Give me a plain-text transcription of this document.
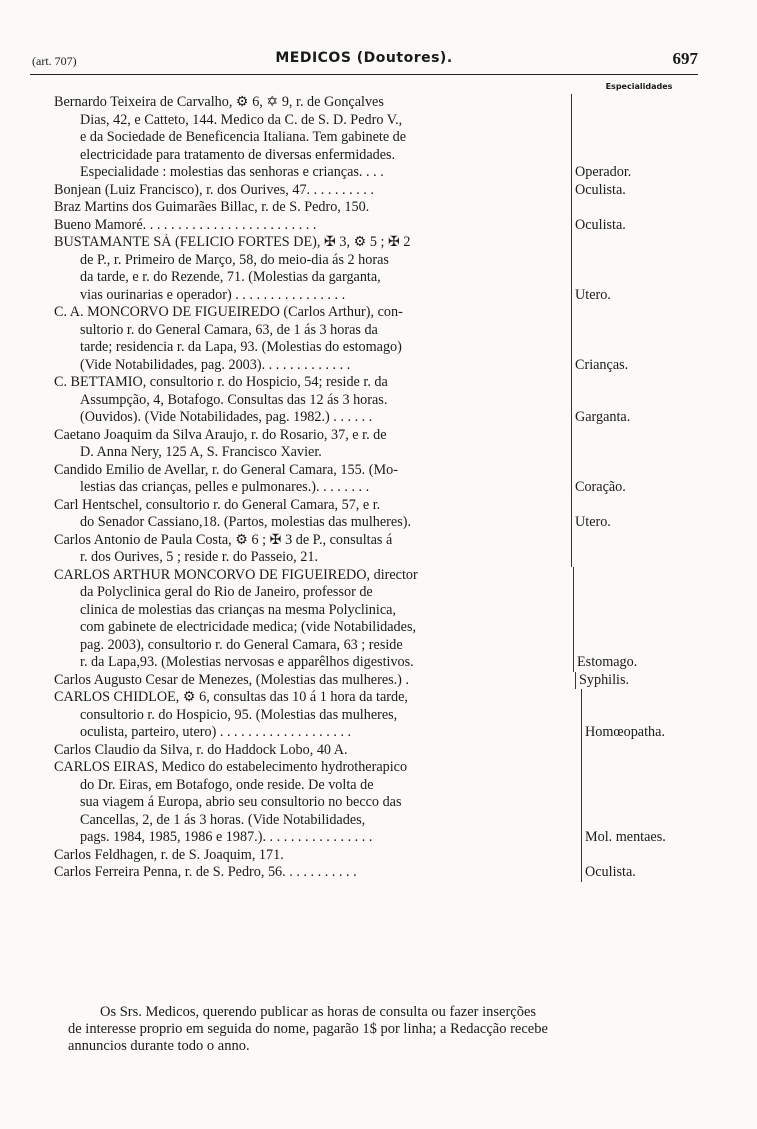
(art. 707)	MEDICOS (Doutores).	697
Especialidades
Bernardo Teixeira de Carvalho, ⚙ 6, ✡ 9, r. de Gonçalves
Dias, 42, e Catteto, 144. Medico da C. de S. D. Pedro V.,
e da Sociedade de Beneficencia Italiana. Tem gabinete de
electricidade para tratamento de diversas enfermidades.
Especialidade : molestias das senhoras e crianças. . . .	Operador.
Bonjean (Luiz Francisco), r. dos Ourives, 47. . . . . . . . . .	Oculista.
Braz Martins dos Guimarães Billac, r. de S. Pedro, 150.
Bueno Mamoré. . . . . . . . . . . . . . . . . . . . . . . . .	Oculista.
BUSTAMANTE SÁ (FELICIO FORTES DE), ✠ 3, ⚙ 5 ; ✠ 2
de P., r. Primeiro de Março, 58, do meio-dia ás 2 horas
da tarde, e r. do Rezende, 71. (Molestias da garganta,
vias ourinarias e operador) . . . . . . . . . . . . . . . .	Utero.
C. A. MONCORVO DE FIGUEIREDO (Carlos Arthur), con-
sultorio r. do General Camara, 63, de 1 ás 3 horas da
tarde; residencia r. da Lapa, 93. (Molestias do estomago)
(Vide Notabilidades, pag. 2003). . . . . . . . . . . . .	Crianças.
C. BETTAMIO, consultorio r. do Hospicio, 54; reside r. da
Assumpção, 4, Botafogo. Consultas das 12 ás 3 horas.
(Ouvidos). (Vide Notabilidades, pag. 1982.) . . . . . .	Garganta.
Caetano Joaquim da Silva Araujo, r. do Rosario, 37, e r. de
D. Anna Nery, 125 A, S. Francisco Xavier.
Candido Emilio de Avellar, r. do General Camara, 155. (Mo-
lestias das crianças, pelles e pulmonares.). . . . . . . .	Coração.
Carl Hentschel, consultorio r. do General Camara, 57, e r.
do Senador Cassiano,18. (Partos, molestias das mulheres).	Utero.
Carlos Antonio de Paula Costa, ⚙ 6 ; ✠ 3 de P., consultas á
r. dos Ourives, 5 ; reside r. do Passeio, 21.
CARLOS ARTHUR MONCORVO DE FIGUEIREDO, director
da Polyclinica geral do Rio de Janeiro, professor de
clinica de molestias das crianças na mesma Polyclinica,
com gabinete de electricidade medica; (vide Notabilidades,
pag. 2003), consultorio r. do General Camara, 63 ; reside
r. da Lapa,93. (Molestias nervosas e apparêlhos digestivos.	Estomago.
Carlos Augusto Cesar de Menezes, (Molestias das mulheres.) .	Syphilis.
CARLOS CHIDLOE, ⚙ 6, consultas das 10 á 1 hora da tarde,
consultorio r. do Hospicio, 95. (Molestias das mulheres,
oculista, parteiro, utero) . . . . . . . . . . . . . . . . . . .	Homœopatha.
Carlos Claudio da Silva, r. do Haddock Lobo, 40 A.
CARLOS EIRAS, Medico do estabelecimento hydrotherapico
do Dr. Eiras, em Botafogo, onde reside. De volta de
sua viagem á Europa, abrio seu consultorio no becco das
Cancellas, 2, de 1 ás 3 horas. (Vide Notabilidades,
pags. 1984, 1985, 1986 e 1987.). . . . . . . . . . . . . . . .	Mol. mentaes.
Carlos Feldhagen, r. de S. Joaquim, 171.
Carlos Ferreira Penna, r. de S. Pedro, 56. . . . . . . . . . .	Oculista.
Os Srs. Medicos, querendo publicar as horas de consulta ou fazer inserções
de interesse proprio em seguida do nome, pagarão 1$ por linha; a Redacção recebe
annuncios durante todo o anno.
